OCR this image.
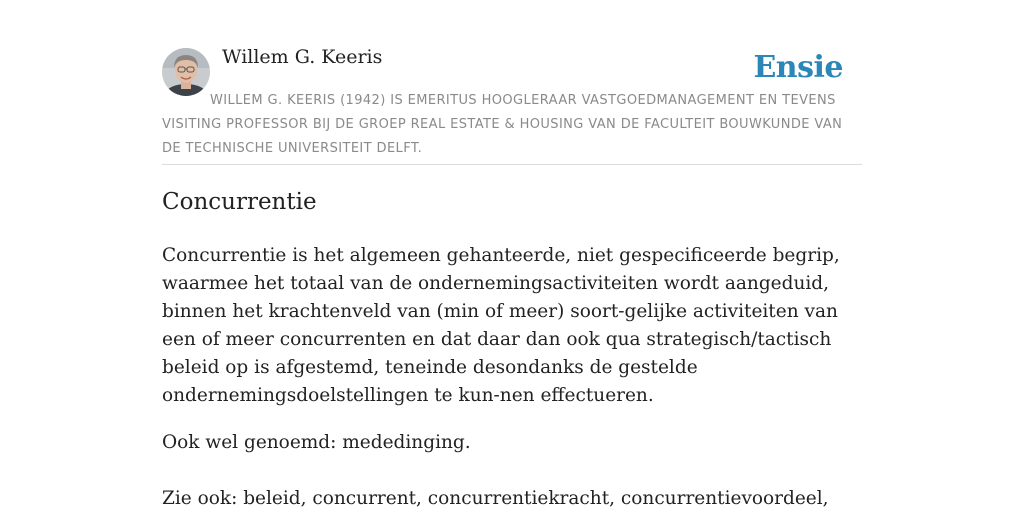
Willem G. Keeris	Ensie
WILLEM G. KEERIS (1942) IS EMERITUS HOOGLERAAR VASTGOEDMANAGEMENT EN TEVENS VISITING PROFESSOR BIJ DE GROEP REAL ESTATE & HOUSING VAN DE FACULTEIT BOUWKUNDE VAN DE TECHNISCHE UNIVERSITEIT DELFT.
Concurrentie

Concurrentie is het algemeen gehanteerde, niet gespecificeerde begrip, waarmee het totaal van de ondernemingsactiviteiten wordt aangeduid, binnen het krachtenveld van (min of meer) soort-gelijke activiteiten van een of meer concurrenten en dat daar dan ook qua strategisch/tactisch beleid op is afgestemd, teneinde desondanks de gestelde ondernemingsdoelstellingen te kun-nen effectueren.

Ook wel genoemd: mededinging.

Zie ook: beleid, concurrent, concurrentiekracht, concurrentievoordeel,
